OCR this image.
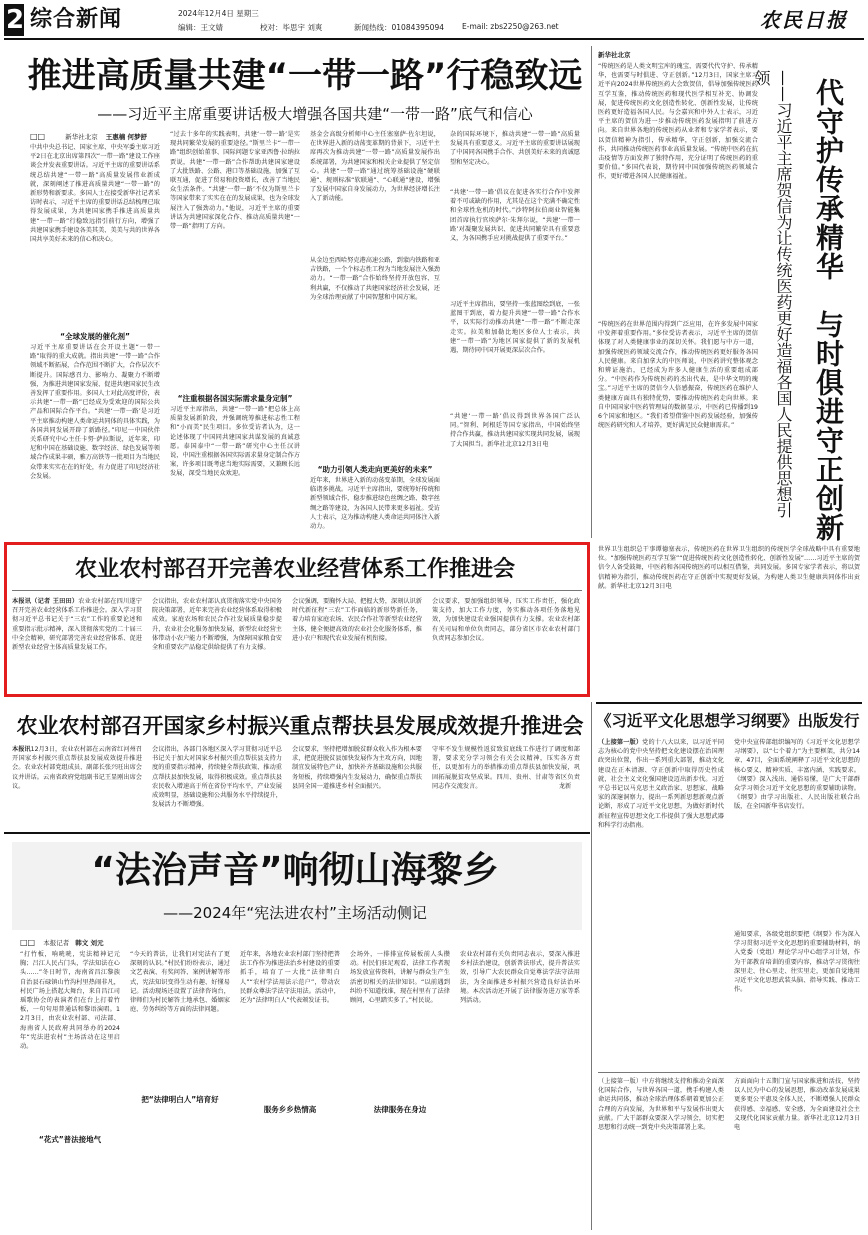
2 综合新闻	2024年12月4日 星期三
编辑：王文婧	校对：毕思宇 刘爽	新闻热线：01084395094 E-mail: zbs2250@263.net	农民日报
推进高质量共建“一带一路”行稳致远
——习近平主席重要讲话极大增强各国共建“一带一路”底气和信心
□□	新华社北京 王惠楠 何梦舒
中共中央总书记、国家主席、中央军委主席习近平2日在北京出席第四次“一带一路”建设工作座谈会并发表重要讲话。习近平主席的重要讲话系统总结共建“一带一路”高质量发展伟业新成就，深刻阐述了推进高质量共建“一带一路”的新形势和新要求。多国人士在接受新华社记者采访时表示，习近平主席的重要讲话总结梳理已取得发展成果，为共建国家携手推进高质量共建“一带一路”行稳致远指引前行方向，增强了共建国家携手建设各美其美、美美与共的世界各国共享美好未来的信心和决心。
“全球发展的催化剂”
习近平主席重要讲话在会开设主题“一带一路”取得的重大成就。指出共建“一带一路”合作领域不断拓展，合作范围不断扩大，合作层次不断提升。国际感召力、影响力、凝聚力不断增强，为推进共建国家发展、促进共建国家民生改善发挥了重要作用。多国人士对此高度评价，表示共建“一带一路”已经成为受欢迎的国际公共产品和国际合作平台。“共建‘一带一路’是习近平主席推动构建人类命运共同体的具体实践，为各国共同发展开辟了新路径。”印尼一中国伙伴关系研究中心主任卡努·萨拉斯说，近年来，印尼和中国在基础设施、数字经济、绿色发展等领域合作成果丰硕，雅万高铁等一批项目为当地民众带来实实在在的好处，有力促进了印尼经济社会发展。
“过去十多年的实践表明，共建‘一带一路’是实现共同繁荣发展的重要途径。”斯里兰卡“一带一路”组织创始董事、国际问题专家亚西鲁·拉纳拉贾说，共建“一带一路”合作帮助共建国家建设了大批铁路、公路、港口等基础设施，加强了互联互通，促进了贸易和投资增长，改善了当地民众生活条件。“共建‘一带一路’不仅为斯里兰卡等国家带来了实实在在的发展成果，也为全球发展注入了强劲动力。”他说，习近平主席的重要讲话为共建国家深化合作、推动高质量共建“一带一路”指明了方向。
“注重根据各国实际需求量身定制”
习近平主席指出，共建“一带一路”把总体上高质量发展新阶段，并强调统筹推进标志性工程和“小而美”民生项目。多位受访者认为，这一论述体现了中国同共建国家共谋发展的真诚意愿。泰国泰中“一带一路”研究中心主任汉讲说，中国注重根据各国实际需求量身定制合作方案，许多项目既考虑当地实际需要，又兼顾长远发展，深受当地民众欢迎。
基金会高级分析师中心主任塞塞萨·佐尔坦说，在世界进入新的动荡变革期的背景下，习近平主席再次为推动共建“一带一路”高质量发展作出系统部署，为共建国家和相关企业提供了坚定信心。共建“一带一路”通过统筹基础设施“硬联通”、规则标准“软联通”、“心联通”建设，增强了发展中国家自身发展动力，为世界经济增长注入了新动能。
从金边至西哈努克港高速公路，到蒙内铁路和亚吉铁路，一个个标志性工程为当地发展注入强劲动力。“一带一路”合作始终坚持开放包容、互利共赢，不仅推动了共建国家经济社会发展，还为全球治理贡献了中国智慧和中国方案。
“助力引领人类走向更美好的未来”
近年来，世界进入新的动荡变革期，全球发展面临诸多挑战。习近平主席指出，要统筹好传统和新型领域合作，稳步推进绿色丝绸之路、数字丝绸之路等建设，为各国人民带来更多福祉。受访人士表示，这为推动构建人类命运共同体注入新动力。
杂的国际环境下，推动共建“一带一路”高质量发展具有重要意义。习近平主席的重要讲话展现了中国同各国携手合作、共创美好未来的真诚愿望和坚定决心。
“共建‘一带一路’倡议在促进各实行合作中发挥着不可或缺的作用，尤其是在这个充满不确定性和全球性危机的时代。”沙特阿拉伯商业智能集团首席执行官埃萨尔·朱拜尔说，“共建‘一带一路’对凝聚发展共识、促进共同繁荣具有重要意义，为各国携手应对挑战提供了重要平台。”
习近平主席指出，要坚持一张蓝图绘到底，一张蓝图干到底，着力提升共建“一带一路”合作水平，以实际行动推动共建“一带一路”不断走深走实。拉美和加勒比地区多位人士表示，共建“一带一路”为地区国家提供了新的发展机遇，期待同中国开展更深层次合作。
“共建‘一带一路’倡议得到世界各国广泛认同。”智利、阿根廷等国专家指出，中国始终坚持合作共赢，推动共建国家实现共同发展，展现了大国担当。新华社北京12月3日电
新华社北京
代守护传承精华　与时俱进守正创新
——习近平主席贺信为让传统医药更好造福各国人民提供思想引领
“传统医药是人类文明宝库的瑰宝，需要代代守护、传承精华，也需要与时俱进、守正创新。”12月3日，国家主席习近平向2024世界传统医药大会致贺信，倡导加强传统医药互学互鉴，推动传统医药和现代医学相互补充、协调发展，促进传统医药文化创造性转化、创新性发展，让传统医药更好造福各国人民。与会嘉宾和中外人士表示，习近平主席的贺信为进一步推动传统医药发展指明了前进方向。来自世界各地的传统医药从业者和专家学者表示，要以贺信精神为指引，传承精华，守正创新，加强交流合作，共同推动传统医药事业高质量发展。“传统中医药在抗击疫情等方面发挥了独特作用，充分证明了传统医药的重要价值。”多国代表说，期待同中国加强传统医药领域合作，更好增进各国人民健康福祉。
“传统医药在世界范围内得到广泛应用，在许多发展中国家中发挥着重要作用。”多位受访者表示，习近平主席的贺信体现了对人类健康事业的深切关怀。我们愿与中方一道，加强传统医药领域交流合作，推动传统医药更好服务各国人民健康。来自加拿大的中医师说，中医药讲究整体观念和辨证施治，已经成为许多人健康生活的重要组成部分。“中医药作为传统医药的杰出代表，是中华文明的瑰宝。”习近平主席的贺信令人倍感振奋，传统医药在维护人类健康方面具有独特优势，要推动传统医药走向世界。来自中国国家中医药管理局的数据显示，中医药已传播到196个国家和地区。“我们希望借鉴中医药发展经验，加强传统医药研究和人才培养，更好满足民众健康需求。”
世界卫生组织总干事谭德塞表示，传统医药在世界卫生组织的传统医学全球战略中具有重要地位。“加强传统医药互学互鉴”“促进传统医药文化创造性转化、创新性发展”……习近平主席的贺信令人备受鼓舞，中医药和各国传统医药可以相互借鉴，共同发展。多国专家学者表示，将以贺信精神为指引，推动传统医药在守正创新中实现更好发展，为构建人类卫生健康共同体作出贡献。新华社北京12月3日电
农业农村部召开完善农业经营体系工作推进会
本报讯（记者 王田田）农业农村部在四川遂宁召开完善农业经营体系工作推进会。深入学习贯彻习近平总书记关于“三农”工作的重要论述和重要指示批示精神，深入贯彻落实党的二十届三中全会精神，研究部署完善农业经营体系、促进新型农业经营主体高质量发展工作。
会议指出，农业农村部认真贯彻落实党中央国务院决策部署，近年来完善农业经营体系取得积极成效。家庭农场和农民合作社发展质量稳步提升，农业社会化服务加快发展，新型农业经营主体带动小农户能力不断增强，为保障国家粮食安全和重要农产品稳定供给提供了有力支撑。
会议强调，要胸怀大局、把握大势，深刻认识新时代新征程“三农”工作面临的新形势新任务，着力培育家庭农场、农民合作社等新型农业经营主体，健全便捷高效的农业社会化服务体系，推进小农户和现代农业发展有机衔接。
会议要求，要加强组织领导，压实工作责任，强化政策支持，加大工作力度，务实推动各项任务落地见效，为加快建设农业强国提供有力支撑。农业农村部有关司局和单位负责同志，部分省区市农业农村部门负责同志参加会议。
农业农村部召开国家乡村振兴重点帮扶县发展成效提升推进会
本报讯12月3日，农业农村部在云南省红河州召开国家乡村振兴重点帮扶县发展成效提升推进会。农业农村部党组成员、副部长张兴旺出席会议并讲话。云南省政府党组副书记王显刚出席会议。
会议指出，各部门各地区深入学习贯彻习近平总书记关于加大对国家乡村振兴重点帮扶县支持力度的重要指示精神，持续健全帮扶政策、推动重点帮扶县加快发展，取得积极成效。重点帮扶县农民收入增速高于所在省份平均水平，产业发展成效明显，基础设施和公共服务水平持续提升，发展活力不断增强。
会议要求，坚持把增加脱贫群众收入作为根本要求，把促进脱贫县加快发展作为主攻方向，因地制宜发展特色产业，加快补齐基础设施和公共服务短板，持续增强内生发展动力，确保重点帮扶县同全国一道推进乡村全面振兴。
守牢不发生规模性返贫致贫底线工作进行了调度和部署，要求充分学习领会有关会议精神，压实各方责任，以更加有力的举措推动重点帮扶县加快发展，巩固拓展脱贫攻坚成果。四川、贵州、甘肃等省区负责同志作交流发言。　　　　　　　　　　　　　龙新
《习近平文化思想学习纲要》出版发行
（上接第一版）党的十八大以来，以习近平同志为核心的党中央坚持把文化建设摆在治国理政突出位置，作出一系列重大部署，推动文化建设在正本清源、守正创新中取得历史性成就，社会主义文化强国建设迈出新步伐。习近平总书记以马克思主义政治家、思想家、战略家的深邃洞察力，提出一系列新思想新观点新论断，形成了习近平文化思想，为做好新时代新征程宣传思想文化工作提供了强大思想武器和科学行动指南。
党中央宣传部组织编写的《习近平文化思想学习纲要》，以“七个着力”为主要框架，共分14章、47目，全面系统阐释了习近平文化思想的核心要义、精神实质、丰富内涵、实践要求。《纲要》深入浅出、通俗易懂，是广大干部群众学习领会习近平文化思想的重要辅助读物。《纲要》由学习出版社、人民出版社联合出版，在全国新华书店发行。
通知要求，各级党组织要把《纲要》作为深入学习贯彻习近平文化思想的重要辅助材料，纳入党委（党组）理论学习中心组学习计划，作为干部教育培训的重要内容，推动学习贯彻往深里走、往心里走、往实里走，更加自觉地用习近平文化思想武装头脑、指导实践、推动工作。
（上接第一版）中方将继续支持和推动全面深化国际合作，与世界各国一道，携手构建人类命运共同体，推动全球治理体系朝着更加公正合理的方向发展，为世界和平与发展作出更大贡献。广大干部群众要深入学习领会，切实把思想和行动统一到党中央决策部署上来。
方面面向十五期门宣与国家推进和活技，坚持以人民为中心的发展思想，推动改革发展成果更多更公平惠及全体人民，不断增强人民群众获得感、幸福感、安全感，为全面建设社会主义现代化国家贡献力量。新华社北京12月3日电
“法治声音”响彻山海黎乡
——2024年“宪法进农村”主场活动侧记
□□ 本报记者 韩文 刘元
“打竹板，响咣咣，宪法精神记元胸；吕江人民占门头，学法知法在心头……”冬日时节，海南省昌江黎族自治县石碌镇山竹沟村里热闹非凡，村民广场上搭起大舞台，来自昌江司瑶歌协会的表演者们在台上打着竹板，一句句用普通话和黎语演唱。12月3日，由农业农村部、司法部、海南省人民政府共同举办的2024年“宪法进农村”主场活动在这里启动。
“花式”普法接地气
“今天的普法，让我们对宪法有了更深刻的认识。”村民们纷纷表示，通过文艺表演、有奖问答、案例讲解等形式，宪法知识变得生动有趣、好懂易记。活动现场还设置了法律咨询台，律师们为村民解答土地承包、婚姻家庭、劳务纠纷等方面的法律问题。
把“法律明白人”培育好
近年来，各地农业农村部门坚持把普法工作作为推进法治乡村建设的重要抓手，培育了一大批“法律明白人”“农村学法用法示范户”，带动农民群众尊法学法守法用法。活动中，还为“法律明白人”代表颁发证书。
服务乡乡热情高
会场外，一排排宣传展板前人头攒动。村民们驻足观看，法律工作者现场发放宣传资料，讲解与群众生产生活密切相关的法律知识。“以前遇到纠纷不知道找谁，现在村里有了法律顾问，心里踏实多了。”村民说。
法律服务在身边
农业农村部有关负责同志表示，要深入推进乡村法治建设，创新普法形式，提升普法实效，引导广大农民群众自觉尊法学法守法用法，为全面推进乡村振兴营造良好法治环境。本次活动还开展了法律服务进万家等系列活动。
